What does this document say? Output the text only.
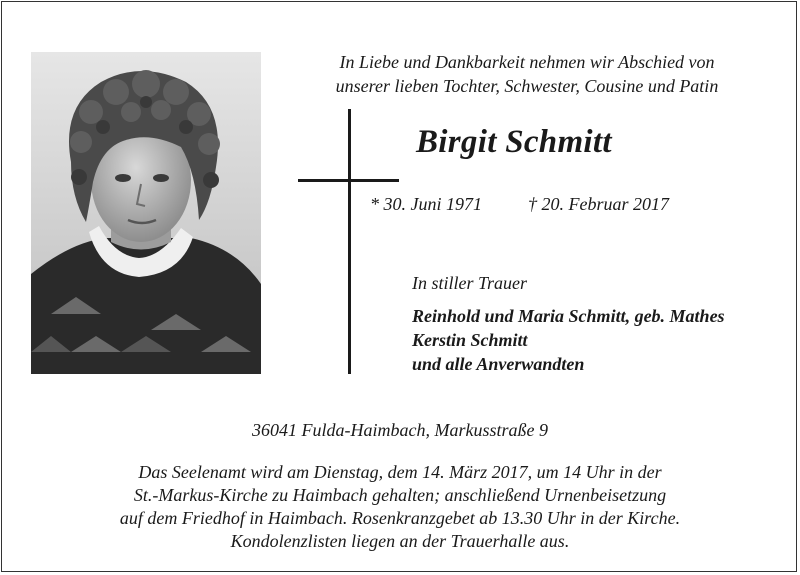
In Liebe und Dankbarkeit nehmen wir Abschied von
unserer lieben Tochter, Schwester, Cousine und Patin
Birgit Schmitt
* 30. Juni 1971	† 20. Februar 2017
In stiller Trauer
Reinhold und Maria Schmitt, geb. Mathes
Kerstin Schmitt
und alle Anverwandten
36041 Fulda-Haimbach, Markusstraße 9
Das Seelenamt wird am Dienstag, dem 14. März 2017, um 14 Uhr in der
St.-Markus-Kirche zu Haimbach gehalten; anschließend Urnenbeisetzung
auf dem Friedhof in Haimbach. Rosenkranzgebet ab 13.30 Uhr in der Kirche.
Kondolenzlisten liegen an der Trauerhalle aus.
